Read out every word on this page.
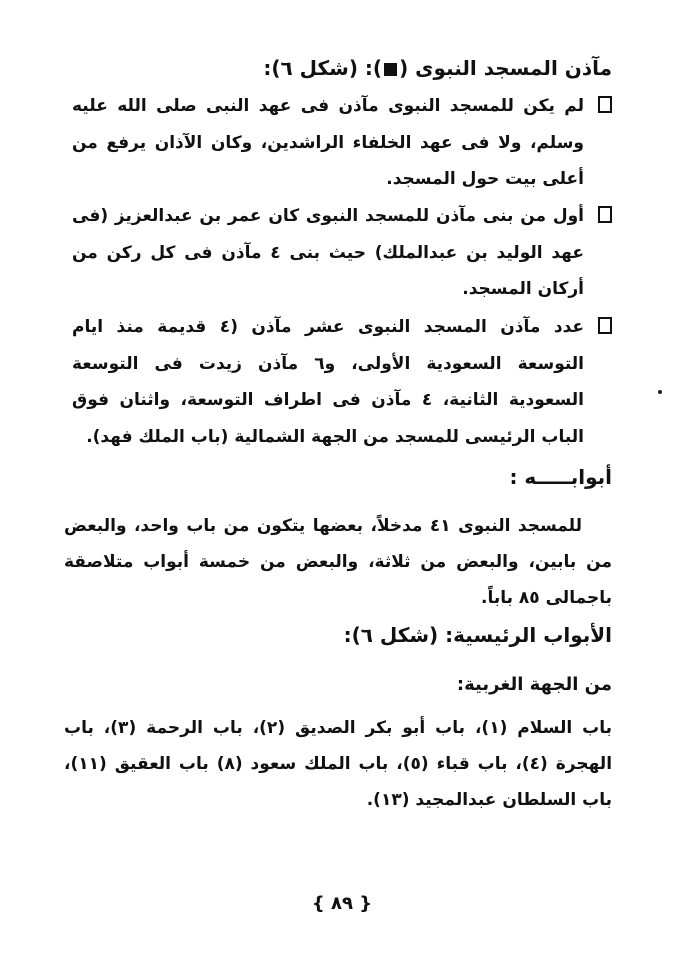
مآذن المسجد النبوى (): (شكل ٦):
لم يكن للمسجد النبوى مآذن فى عهد النبى صلى الله عليه وسلم، ولا فى عهد الخلفاء الراشدين، وكان الآذان يرفع من أعلى بيت حول المسجد.
أول من بنى مآذن للمسجد النبوى كان عمر بن عبدالعزيز (فى عهد الوليد بن عبدالملك) حيث بنى ٤ مآذن فى كل ركن من أركان المسجد.
عدد مآذن المسجد النبوى عشر مآذن (٤ قديمة منذ ايام التوسعة السعودية الأولى، و٦ مآذن زيدت فى التوسعة السعودية الثانية، ٤ مآذن فى اطراف التوسعة، واثنان فوق الباب الرئيسى للمسجد من الجهة الشمالية (باب الملك فهد).
أبوابـــــه :
للمسجد النبوى ٤١ مدخلاً، بعضها يتكون من باب واحد، والبعض من بابين، والبعض من ثلاثة، والبعض من خمسة أبواب متلاصقة باجمالى ٨٥ باباً.
الأبواب الرئيسية: (شكل ٦):
من الجهة الغربية:
باب السلام (١)، باب أبو بكر الصديق (٢)، باب الرحمة (٣)، باب الهجرة (٤)، باب قباء (٥)، باب الملك سعود (٨) باب العقيق (١١)، باب السلطان عبدالمجيد (١٣).
{ ٨٩ }
